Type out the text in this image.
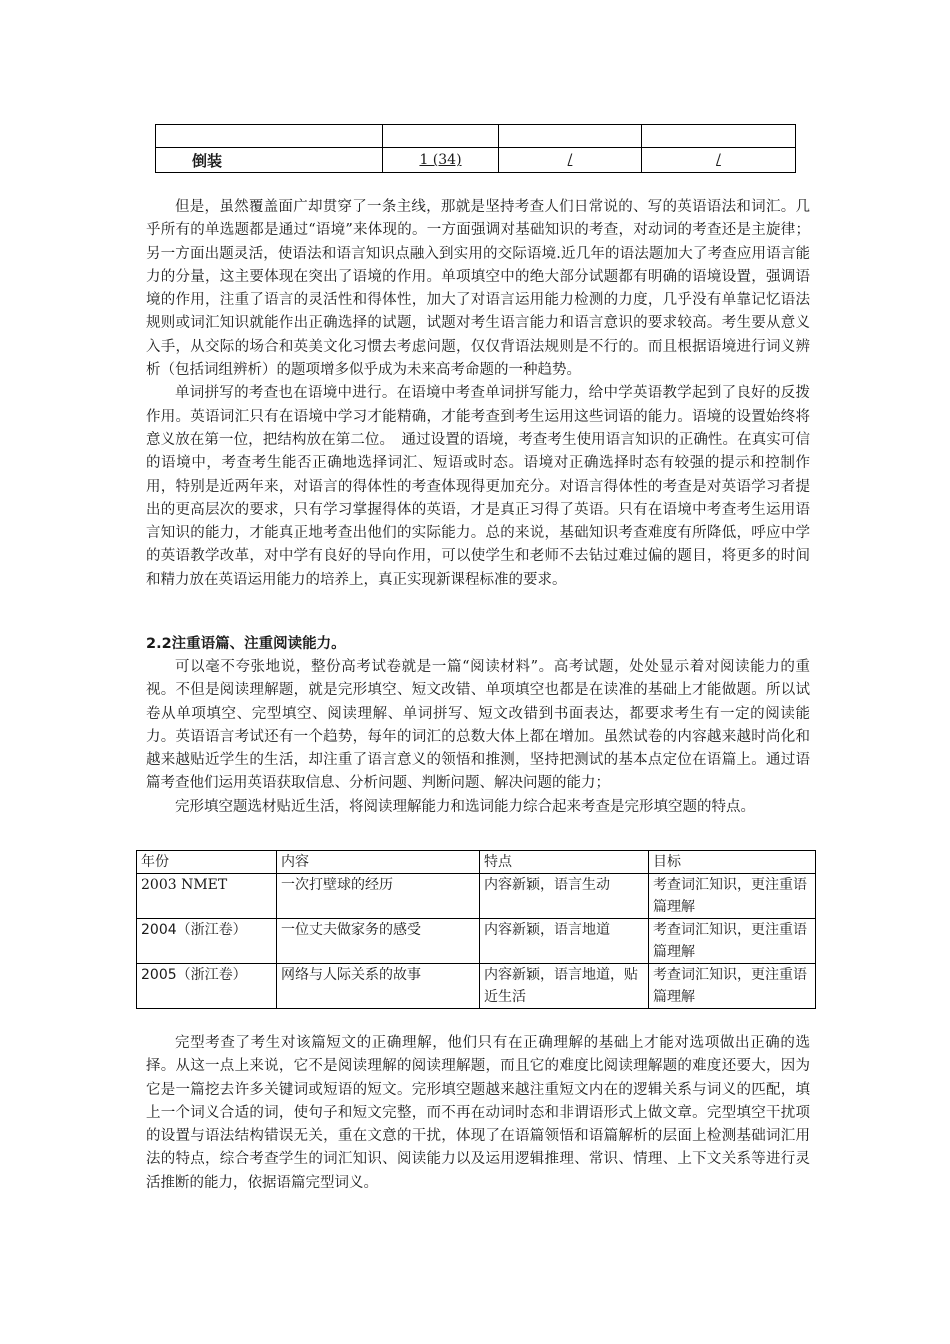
倒装	1 (34)	/	/

但是，虽然覆盖面广却贯穿了一条主线，那就是坚持考查人们日常说的、写的英语语法和词汇。几乎所有的单选题都是通过“语境”来体现的。一方面强调对基础知识的考查，对动词的考查还是主旋律；另一方面出题灵活，使语法和语言知识点融入到实用的交际语境.近几年的语法题加大了考查应用语言能力的分量，这主要体现在突出了语境的作用。单项填空中的绝大部分试题都有明确的语境设置，强调语境的作用，注重了语言的灵活性和得体性，加大了对语言运用能力检测的力度，几乎没有单靠记忆语法规则或词汇知识就能作出正确选择的试题，试题对考生语言能力和语言意识的要求较高。考生要从意义入手，从交际的场合和英美文化习惯去考虑问题，仅仅背语法规则是不行的。而且根据语境进行词义辨析（包括词组辨析）的题项增多似乎成为未来高考命题的一种趋势。

单词拼写的考查也在语境中进行。在语境中考查单词拼写能力，给中学英语教学起到了良好的反拨作用。英语词汇只有在语境中学习才能精确，才能考查到考生运用这些词语的能力。语境的设置始终将意义放在第一位，把结构放在第二位。　通过设置的语境，考查考生使用语言知识的正确性。在真实可信的语境中，考查考生能否正确地选择词汇、短语或时态。语境对正确选择时态有较强的提示和控制作用，特别是近两年来，对语言的得体性的考查体现得更加充分。对语言得体性的考查是对英语学习者提出的更高层次的要求，只有学习掌握得体的英语，才是真正习得了英语。只有在语境中考查考生运用语言知识的能力，才能真正地考查出他们的实际能力。总的来说，基础知识考查难度有所降低，呼应中学的英语教学改革，对中学有良好的导向作用，可以使学生和老师不去钻过难过偏的题目，将更多的时间和精力放在英语运用能力的培养上，真正实现新课程标准的要求。

2.2注重语篇、注重阅读能力。

可以毫不夸张地说，整份高考试卷就是一篇“阅读材料”。高考试题，处处显示着对阅读能力的重视。不但是阅读理解题，就是完形填空、短文改错、单项填空也都是在读准的基础上才能做题。所以试卷从单项填空、完型填空、阅读理解、单词拼写、短文改错到书面表达，都要求考生有一定的阅读能力。英语语言考试还有一个趋势，每年的词汇的总数大体上都在增加。虽然试卷的内容越来越时尚化和越来越贴近学生的生活，却注重了语言意义的领悟和推测，坚持把测试的基本点定位在语篇上。通过语篇考查他们运用英语获取信息、分析问题、判断问题、解决问题的能力；

完形填空题选材贴近生活，将阅读理解能力和选词能力综合起来考查是完形填空题的特点。

年份	内容	特点	目标
2003 NMET	一次打壁球的经历	内容新颖，语言生动	考查词汇知识，更注重语篇理解
2004（浙江卷）	一位丈夫做家务的感受	内容新颖，语言地道	考查词汇知识，更注重语篇理解
2005（浙江卷）	网络与人际关系的故事	内容新颖，语言地道，贴近生活	考查词汇知识，更注重语篇理解

完型考查了考生对该篇短文的正确理解，他们只有在正确理解的基础上才能对选项做出正确的选择。从这一点上来说，它不是阅读理解的阅读理解题，而且它的难度比阅读理解题的难度还要大，因为它是一篇挖去许多关键词或短语的短文。完形填空题越来越注重短文内在的逻辑关系与词义的匹配，填上一个词义合适的词，使句子和短文完整，而不再在动词时态和非谓语形式上做文章。完型填空干扰项的设置与语法结构错误无关，重在文意的干扰，体现了在语篇领悟和语篇解析的层面上检测基础词汇用法的特点，综合考查学生的词汇知识、阅读能力以及运用逻辑推理、常识、情理、上下文关系等进行灵活推断的能力，依据语篇完型词义。
